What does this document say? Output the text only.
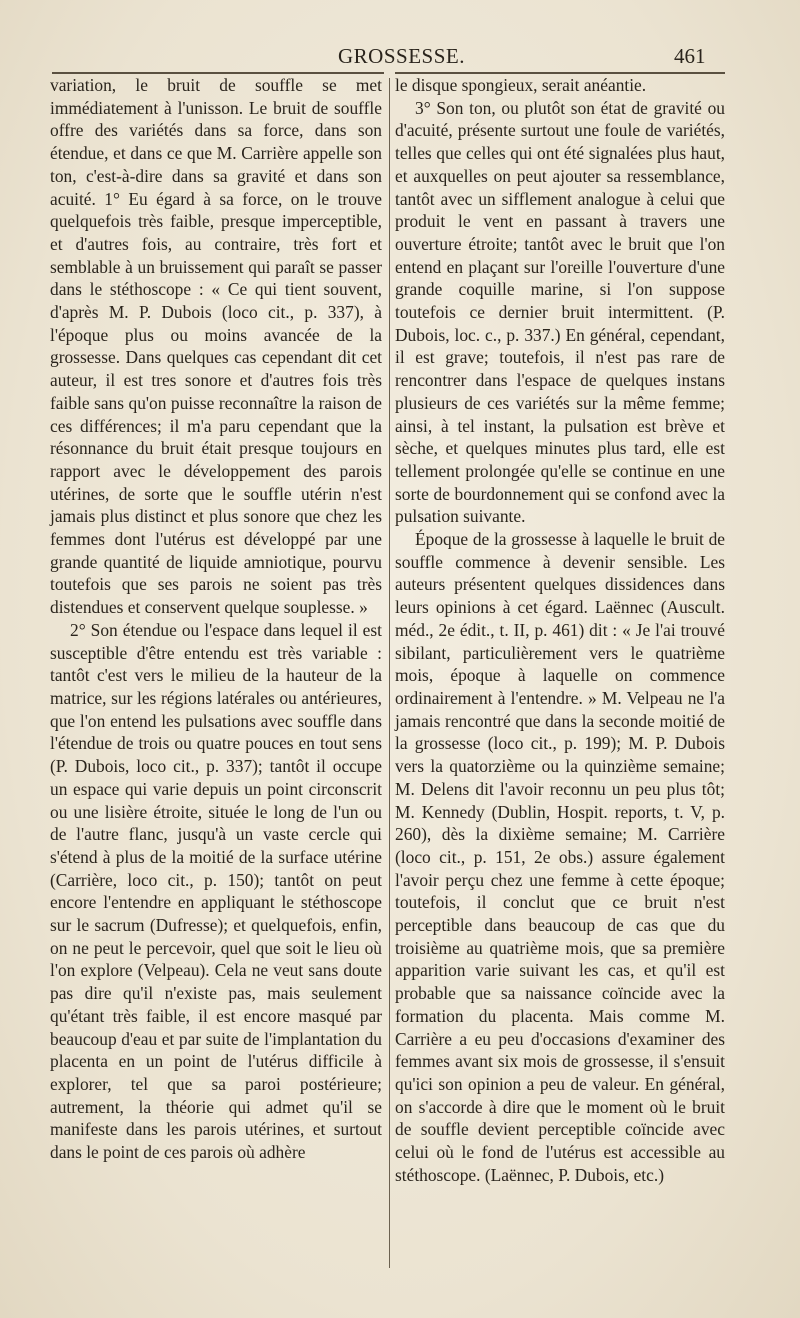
GROSSESSE.	461

variation, le bruit de souffle se met immédiatement à l'unisson. Le bruit de souffle offre des variétés dans sa force, dans son étendue, et dans ce que M. Carrière appelle son ton, c'est-à-dire dans sa gravité et dans son acuité. 1° Eu égard à sa force, on le trouve quelquefois très faible, presque imperceptible, et d'autres fois, au contraire, très fort et semblable à un bruissement qui paraît se passer dans le stéthoscope : « Ce qui tient souvent, d'après M. P. Dubois (loco cit., p. 337), à l'époque plus ou moins avancée de la grossesse. Dans quelques cas cependant dit cet auteur, il est tres sonore et d'autres fois très faible sans qu'on puisse reconnaître la raison de ces différences; il m'a paru cependant que la résonnance du bruit était presque toujours en rapport avec le développement des parois utérines, de sorte que le souffle utérin n'est jamais plus distinct et plus sonore que chez les femmes dont l'utérus est développé par une grande quantité de liquide amniotique, pourvu toutefois que ses parois ne soient pas très distendues et conservent quelque souplesse. »

2° Son étendue ou l'espace dans lequel il est susceptible d'être entendu est très variable : tantôt c'est vers le milieu de la hauteur de la matrice, sur les régions latérales ou antérieures, que l'on entend les pulsations avec souffle dans l'étendue de trois ou quatre pouces en tout sens (P. Dubois, loco cit., p. 337); tantôt il occupe un espace qui varie depuis un point circonscrit ou une lisière étroite, située le long de l'un ou de l'autre flanc, jusqu'à un vaste cercle qui s'étend à plus de la moitié de la surface utérine (Carrière, loco cit., p. 150); tantôt on peut encore l'entendre en appliquant le stéthoscope sur le sacrum (Dufresse); et quelquefois, enfin, on ne peut le percevoir, quel que soit le lieu où l'on explore (Velpeau). Cela ne veut sans doute pas dire qu'il n'existe pas, mais seulement qu'étant très faible, il est encore masqué par beaucoup d'eau et par suite de l'implantation du placenta en un point de l'utérus difficile à explorer, tel que sa paroi postérieure; autrement, la théorie qui admet qu'il se manifeste dans les parois utérines, et surtout dans le point de ces parois où adhère

le disque spongieux, serait anéantie.

3° Son ton, ou plutôt son état de gravité ou d'acuité, présente surtout une foule de variétés, telles que celles qui ont été signalées plus haut, et auxquelles on peut ajouter sa ressemblance, tantôt avec un sifflement analogue à celui que produit le vent en passant à travers une ouverture étroite; tantôt avec le bruit que l'on entend en plaçant sur l'oreille l'ouverture d'une grande coquille marine, si l'on suppose toutefois ce dernier bruit intermittent. (P. Dubois, loc. c., p. 337.) En général, cependant, il est grave; toutefois, il n'est pas rare de rencontrer dans l'espace de quelques instans plusieurs de ces variétés sur la même femme; ainsi, à tel instant, la pulsation est brève et sèche, et quelques minutes plus tard, elle est tellement prolongée qu'elle se continue en une sorte de bourdonnement qui se confond avec la pulsation suivante.

Époque de la grossesse à laquelle le bruit de souffle commence à devenir sensible. Les auteurs présentent quelques dissidences dans leurs opinions à cet égard. Laënnec (Auscult. méd., 2e édit., t. II, p. 461) dit : « Je l'ai trouvé sibilant, particulièrement vers le quatrième mois, époque à laquelle on commence ordinairement à l'entendre. » M. Velpeau ne l'a jamais rencontré que dans la seconde moitié de la grossesse (loco cit., p. 199); M. P. Dubois vers la quatorzième ou la quinzième semaine; M. Delens dit l'avoir reconnu un peu plus tôt; M. Kennedy (Dublin, Hospit. reports, t. V, p. 260), dès la dixième semaine; M. Carrière (loco cit., p. 151, 2e obs.) assure également l'avoir perçu chez une femme à cette époque; toutefois, il conclut que ce bruit n'est perceptible dans beaucoup de cas que du troisième au quatrième mois, que sa première apparition varie suivant les cas, et qu'il est probable que sa naissance coïncide avec la formation du placenta. Mais comme M. Carrière a eu peu d'occasions d'examiner des femmes avant six mois de grossesse, il s'ensuit qu'ici son opinion a peu de valeur. En général, on s'accorde à dire que le moment où le bruit de souffle devient perceptible coïncide avec celui où le fond de l'utérus est accessible au stéthoscope. (Laënnec, P. Dubois, etc.)
